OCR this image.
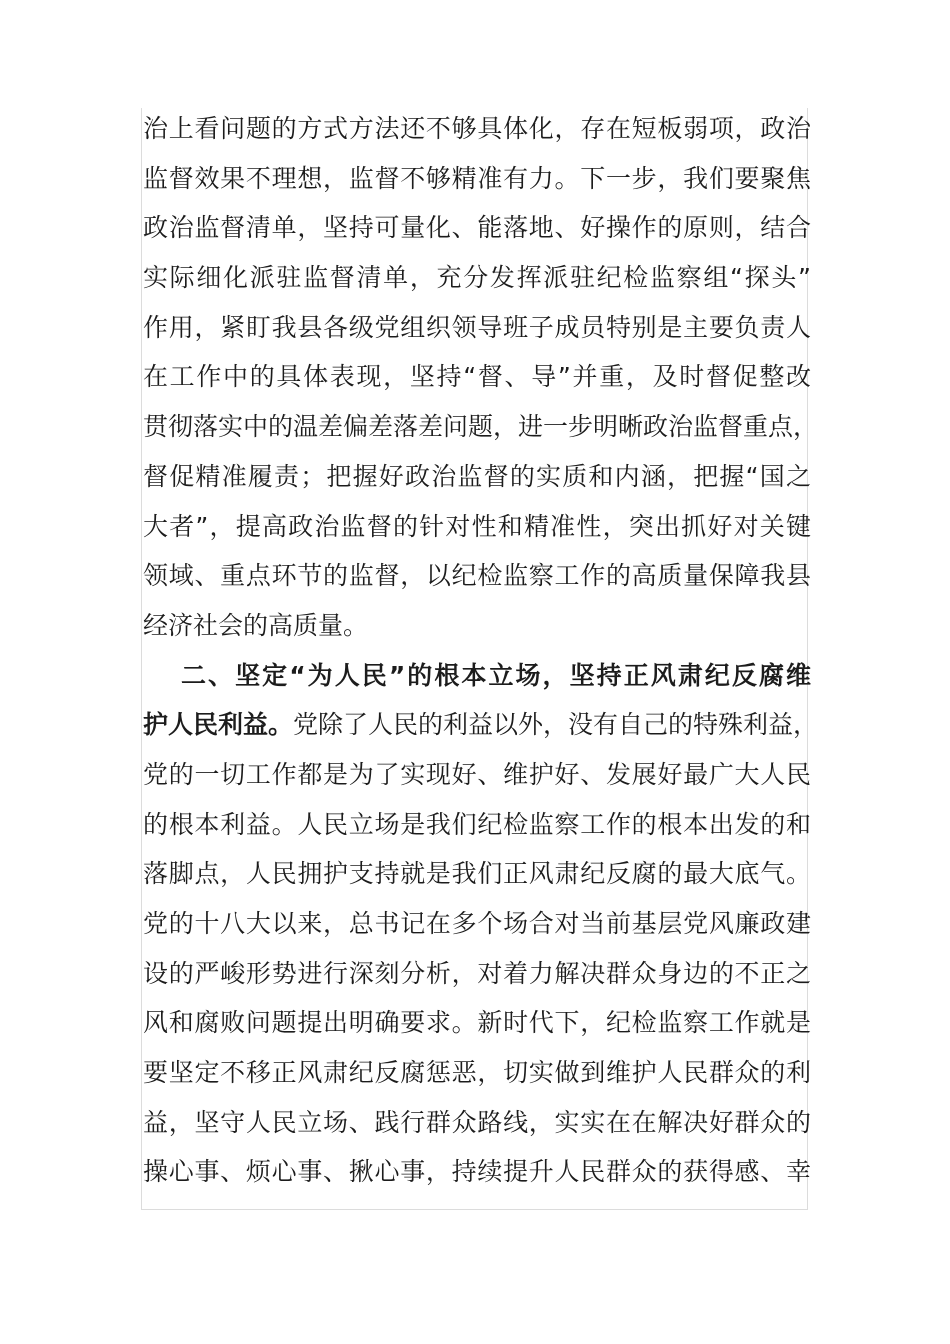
治上看问题的方式方法还不够具体化，存在短板弱项，政治
监督效果不理想，监督不够精准有力。下一步，我们要聚焦
政治监督清单，坚持可量化、能落地、好操作的原则，结合
实际细化派驻监督清单，充分发挥派驻纪检监察组“探头”
作用，紧盯我县各级党组织领导班子成员特别是主要负责人
在工作中的具体表现，坚持“督、导”并重，及时督促整改
贯彻落实中的温差偏差落差问题，进一步明晰政治监督重点，
督促精准履责；把握好政治监督的实质和内涵，把握“国之
大者”，提高政治监督的针对性和精准性，突出抓好对关键
领域、重点环节的监督，以纪检监察工作的高质量保障我县
经济社会的高质量。
二、坚定“为人民”的根本立场，坚持正风肃纪反腐维
护人民利益。党除了人民的利益以外，没有自己的特殊利益，
党的一切工作都是为了实现好、维护好、发展好最广大人民
的根本利益。人民立场是我们纪检监察工作的根本出发的和
落脚点，人民拥护支持就是我们正风肃纪反腐的最大底气。
党的十八大以来，总书记在多个场合对当前基层党风廉政建
设的严峻形势进行深刻分析，对着力解决群众身边的不正之
风和腐败问题提出明确要求。新时代下，纪检监察工作就是
要坚定不移正风肃纪反腐惩恶，切实做到维护人民群众的利
益，坚守人民立场、践行群众路线，实实在在解决好群众的
操心事、烦心事、揪心事，持续提升人民群众的获得感、幸
